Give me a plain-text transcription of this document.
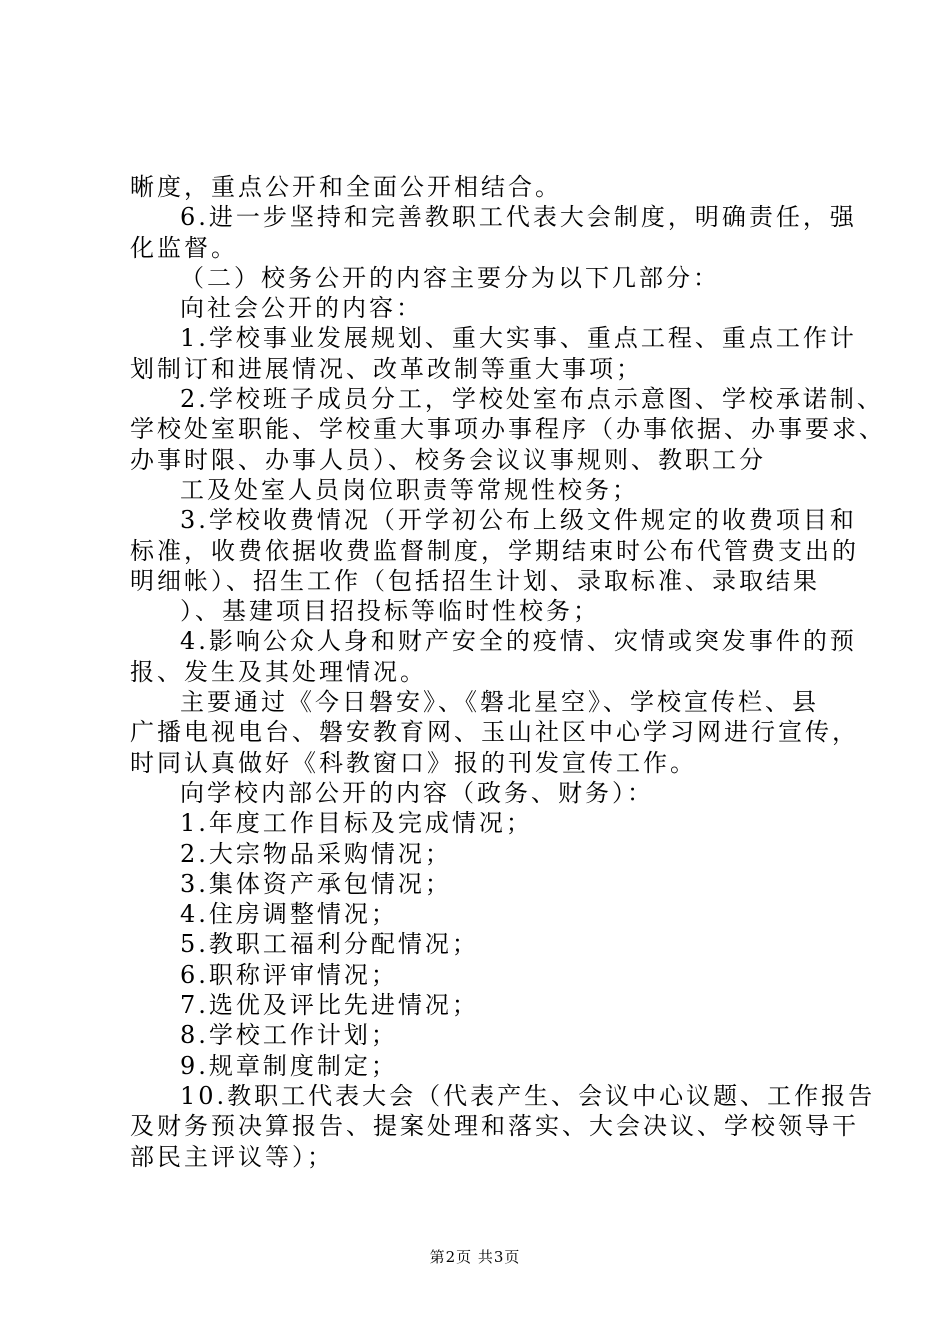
晰度，重点公开和全面公开相结合。
6.进一步坚持和完善教职工代表大会制度，明确责任，强
化监督。
（二）校务公开的内容主要分为以下几部分：
向社会公开的内容：
1.学校事业发展规划、重大实事、重点工程、重点工作计
划制订和进展情况、改革改制等重大事项；
2.学校班子成员分工，学校处室布点示意图、学校承诺制、
学校处室职能、学校重大事项办事程序（办事依据、办事要求、
办事时限、办事人员）、校务会议议事规则、教职工分
工及处室人员岗位职责等常规性校务；
3.学校收费情况（开学初公布上级文件规定的收费项目和
标准，收费依据收费监督制度，学期结束时公布代管费支出的
明细帐）、招生工作（包括招生计划、录取标准、录取结果
）、基建项目招投标等临时性校务；
4.影响公众人身和财产安全的疫情、灾情或突发事件的预
报、发生及其处理情况。
主要通过《今日磐安》、《磐北星空》、学校宣传栏、县
广播电视电台、磐安教育网、玉山社区中心学习网进行宣传，
时同认真做好《科教窗口》报的刊发宣传工作。
向学校内部公开的内容（政务、财务）：
1.年度工作目标及完成情况；
2.大宗物品采购情况；
3.集体资产承包情况；
4.住房调整情况；
5.教职工福利分配情况；
6.职称评审情况；
7.选优及评比先进情况；
8.学校工作计划；
9.规章制度制定；
10.教职工代表大会（代表产生、会议中心议题、工作报告
及财务预决算报告、提案处理和落实、大会决议、学校领导干
部民主评议等）；
第2页 共3页
